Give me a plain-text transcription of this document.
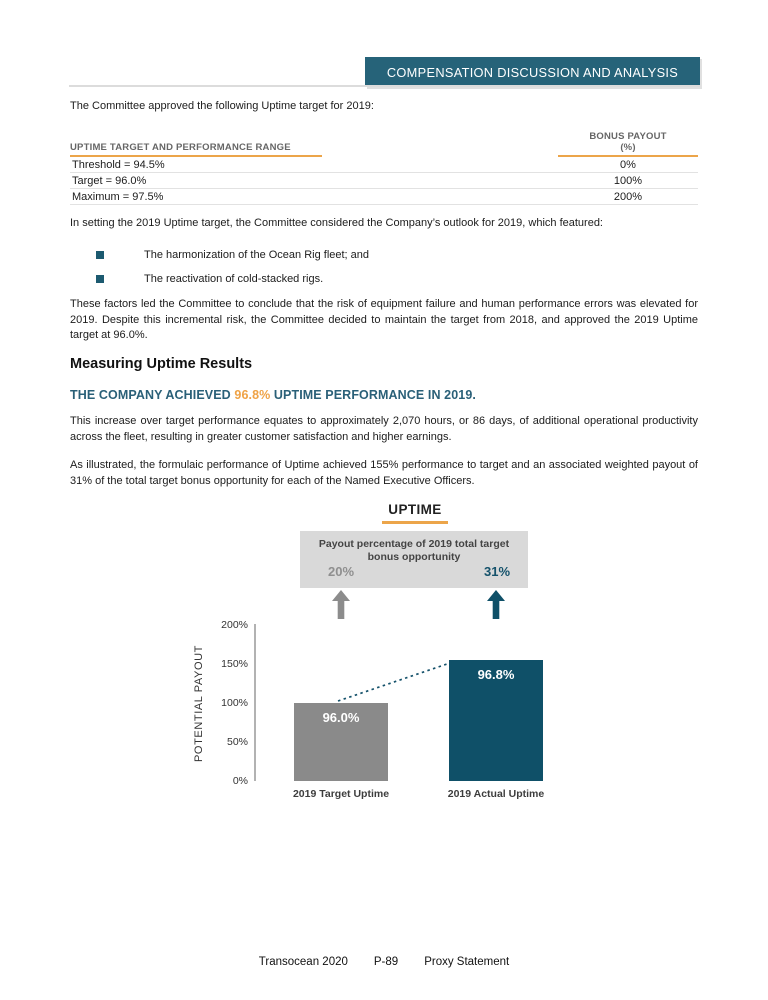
COMPENSATION DISCUSSION AND ANALYSIS

The Committee approved the following Uptime target for 2019:

UPTIME TARGET AND PERFORMANCE RANGE
BONUS PAYOUT
(%)
Threshold = 94.5%	0%
Target = 96.0%	100%
Maximum = 97.5%	200%

In setting the 2019 Uptime target, the Committee considered the Company’s outlook for 2019, which featured:

The harmonization of the Ocean Rig fleet; and
The reactivation of cold-stacked rigs.

These factors led the Committee to conclude that the risk of equipment failure and human performance errors was elevated for 2019. Despite this incremental risk, the Committee decided to maintain the target from 2018, and approved the 2019 Uptime target at 96.0%.

Measuring Uptime Results

THE COMPANY ACHIEVED 96.8% UPTIME PERFORMANCE IN 2019.

This increase over target performance equates to approximately 2,070 hours, or 86 days, of additional operational productivity across the fleet, resulting in greater customer satisfaction and higher earnings.

As illustrated, the formulaic performance of Uptime achieved 155% performance to target and an associated weighted payout of 31% of the total target bonus opportunity for each of the Named Executive Officers.

UPTIME
Payout percentage of 2019 total target bonus opportunity
20%	31%
POTENTIAL PAYOUT
0%
50%
100%
150%
200%
96.0%
96.8%
2019 Target Uptime	2019 Actual Uptime
Transocean 2020 P-89 Proxy Statement
